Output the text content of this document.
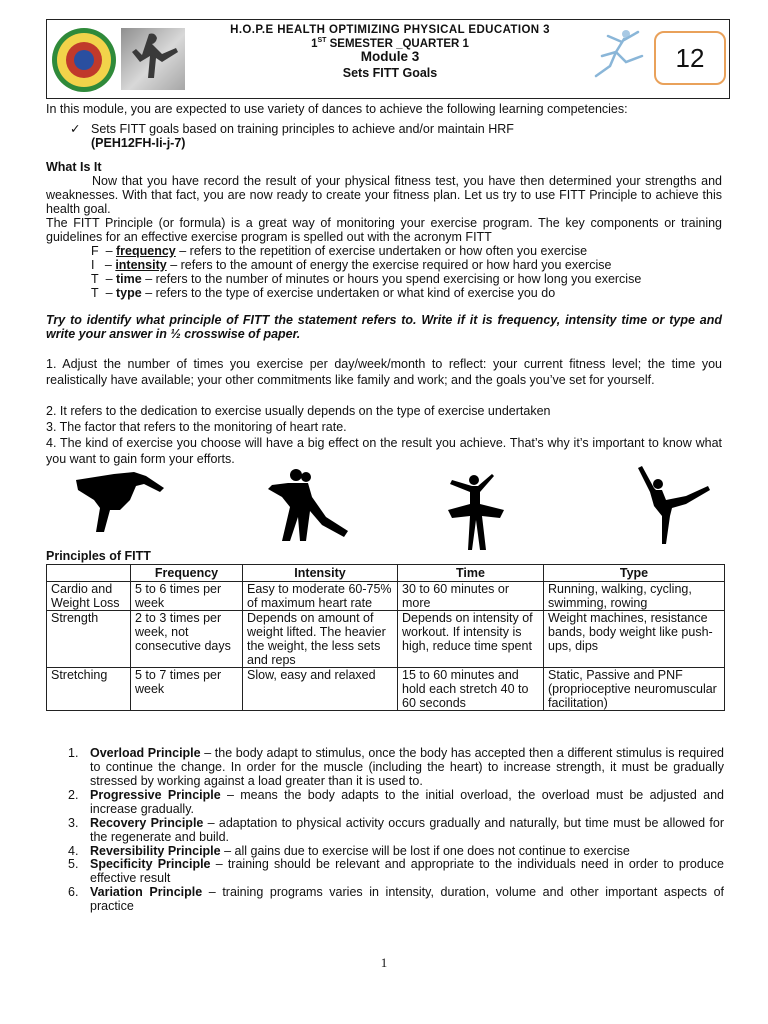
H.O.P.E HEALTH OPTIMIZING PHYSICAL EDUCATION 3
1ST SEMESTER _QUARTER 1
Module 3
Sets FITT Goals
12
In this module, you are expected to use variety of dances to achieve the following learning competencies:
✓ Sets FITT goals based on training principles to achieve and/or maintain HRF
(PEH12FH-Ii-j-7)
What Is It
Now that you have record the result of your physical fitness test, you have then determined your strengths and weaknesses. With that fact, you are now ready to create your fitness plan. Let us try to use FITT Principle to achieve this health goal.
The FITT Principle (or formula) is a great way of monitoring your exercise program. The key components or training guidelines for an effective exercise program is spelled out with the acronym FITT
F  – frequency – refers to the repetition of exercise undertaken or how often you exercise
I   – intensity – refers to the amount of energy the exercise required or how hard you exercise
T  – time – refers to the number of minutes or hours you spend exercising or how long you exercise
T  – type – refers to the type of exercise undertaken or what kind of exercise you do
Try to identify what principle of FITT the statement refers to. Write if it is frequency, intensity time or type and write your answer in ½ crosswise of paper.
1. Adjust the number of times you exercise per day/week/month to reflect: your current fitness level; the time you realistically have available; your other commitments like family and work; and the goals you’ve set for yourself.
2. It refers to the dedication to exercise usually depends on the type of exercise undertaken
3. The factor that refers to the monitoring of heart rate.
4. The kind of exercise you choose will have a big effect on the result you achieve. That’s why it’s important to know what you want to gain form your efforts.
Principles of FITT
	Frequency	Intensity	Time	Type
Cardio and Weight Loss	5 to 6 times per week	Easy to moderate 60-75% of maximum heart rate	30 to 60 minutes or more	Running, walking, cycling, swimming, rowing
Strength	2 to 3 times per week, not consecutive days	Depends on amount of weight lifted. The heavier the weight, the less sets and reps	Depends on intensity of workout. If intensity is high, reduce time spent	Weight machines, resistance bands, body weight like push-ups, dips
Stretching	5 to 7 times per week	Slow, easy and relaxed	15 to 60 minutes and hold each stretch 40 to 60 seconds	Static, Passive and PNF (proprioceptive neuromuscular facilitation)
1. Overload Principle – the body adapt to stimulus, once the body has accepted then a different stimulus is required to continue the change. In order for the muscle (including the heart) to increase strength, it must be gradually stressed by working against a load greater than it is used to.
2. Progressive Principle – means the body adapts to the initial overload, the overload must be adjusted and increase gradually.
3. Recovery Principle – adaptation to physical activity occurs gradually and naturally, but time must be allowed for the regenerate and build.
4. Reversibility Principle – all gains due to exercise will be lost if one does not continue to exercise
5. Specificity Principle – training should be relevant and appropriate to the individuals need in order to produce effective result
6. Variation Principle – training programs varies in intensity, duration, volume and other important aspects of practice
1
